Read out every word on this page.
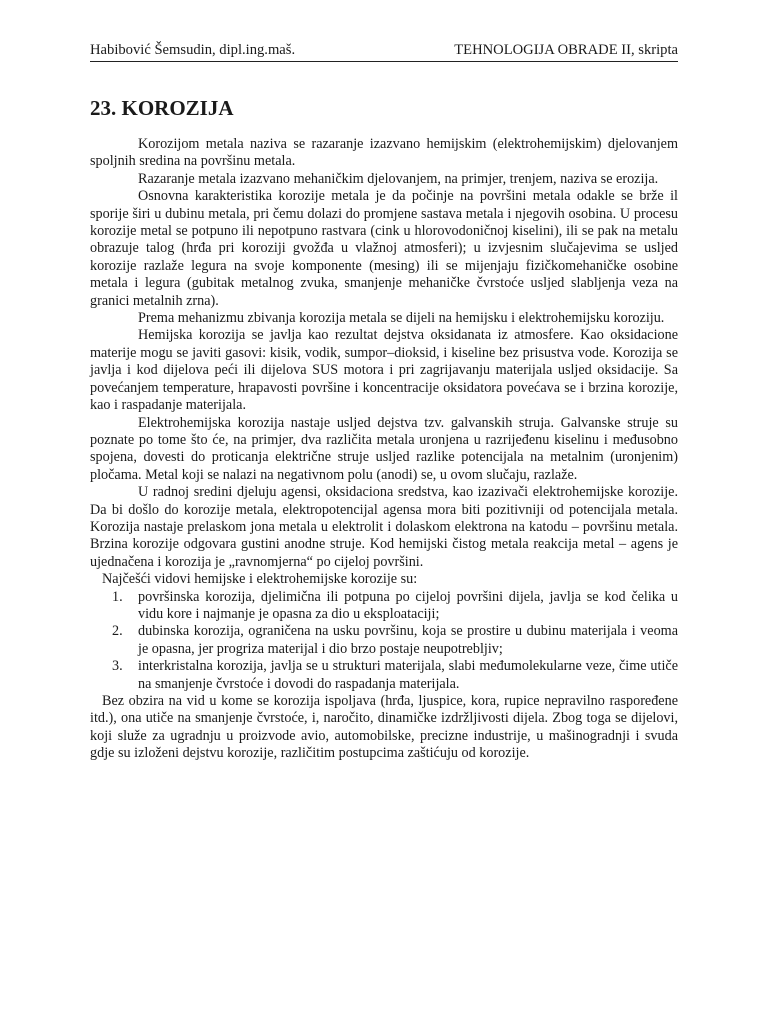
Habibović Šemsudin, dipl.ing.maš.	TEHNOLOGIJA OBRADE II, skripta
23. KOROZIJA

Korozijom metala naziva se razaranje izazvano hemijskim (elektrohemijskim) djelovanjem spoljnih sredina na površinu metala.

Razaranje metala izazvano mehaničkim djelovanjem, na primjer, trenjem, naziva se erozija.

Osnovna karakteristika korozije metala je da počinje na površini metala odakle se brže il sporije širi u dubinu metala, pri čemu dolazi do promjene sastava metala i njegovih osobina. U procesu korozije metal se potpuno ili nepotpuno rastvara (cink u hlorovodoničnoj kiselini), ili se pak na metalu obrazuje talog (hrđa pri koroziji gvožđa u vlažnoj atmosferi); u izvjesnim slučajevima se usljed korozije razlaže legura na svoje komponente (mesing) ili se mijenjaju fizičkomehaničke osobine metala i legura (gubitak metalnog zvuka, smanjenje mehaničke čvrstoće usljed slabljenja veza na granici metalnih zrna).

Prema mehanizmu zbivanja korozija metala se dijeli na hemijsku i elektrohemijsku koroziju.

Hemijska korozija se javlja kao rezultat dejstva oksidanata iz atmosfere. Kao oksidacione materije mogu se javiti gasovi: kisik, vodik, sumpor–dioksid, i kiseline bez prisustva vode. Korozija se javlja i kod dijelova peći ili dijelova SUS motora i pri zagrijavanju materijala usljed oksidacije. Sa povećanjem temperature, hrapavosti površine i koncentracije oksidatora povećava se i brzina korozije, kao i raspadanje materijala.

Elektrohemijska korozija nastaje usljed dejstva tzv. galvanskih struja. Galvanske struje su poznate po tome što će, na primjer, dva različita metala uronjena u razrijeđenu kiselinu i međusobno spojena, dovesti do proticanja električne struje usljed razlike potencijala na metalnim (uronjenim) pločama. Metal koji se nalazi na negativnom polu (anodi) se, u ovom slučaju, razlaže.

U radnoj sredini djeluju agensi, oksidaciona sredstva, kao izazivači elektrohemijske korozije. Da bi došlo do korozije metala, elektropotencijal agensa mora biti pozitivniji od potencijala metala. Korozija nastaje prelaskom jona metala u elektrolit i dolaskom elektrona na katodu – površinu metala. Brzina korozije odgovara gustini anodne struje. Kod hemijski čistog metala reakcija metal – agens je ujednačena i korozija je „ravnomjerna“ po cijeloj površini.

Najčešći vidovi hemijske i elektrohemijske korozije su:

1. površinska korozija, djelimična ili potpuna po cijeloj površini dijela, javlja se kod čelika u vidu kore i najmanje je opasna za dio u eksploataciji;
2. dubinska korozija, ograničena na usku površinu, koja se prostire u dubinu materijala i veoma je opasna, jer progriza materijal i dio brzo postaje neupotrebljiv;
3. interkristalna korozija, javlja se u strukturi materijala, slabi međumolekularne veze, čime utiče na smanjenje čvrstoće i dovodi do raspadanja materijala.

Bez obzira na vid u kome se korozija ispoljava (hrđa, ljuspice, kora, rupice nepravilno raspoređene itd.), ona utiče na smanjenje čvrstoće, i, naročito, dinamičke izdržljivosti dijela. Zbog toga se dijelovi, koji služe za ugradnju u proizvode avio, automobilske, precizne industrije, u mašinogradnji i svuda gdje su izloženi dejstvu korozije, različitim postupcima zaštićuju od korozije.
